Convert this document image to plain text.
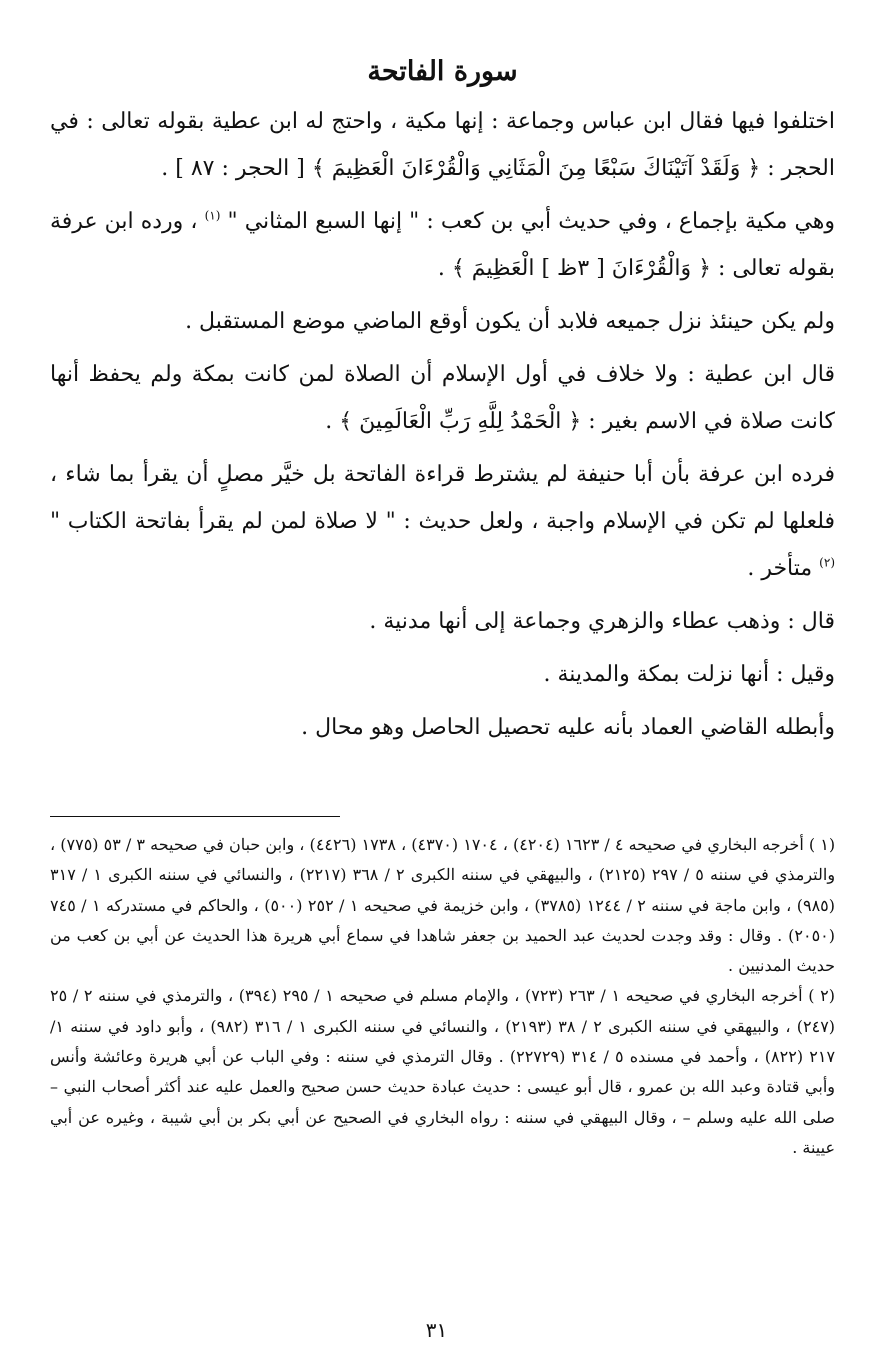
سورة الفاتحة

اختلفوا فيها فقال ابن عباس وجماعة : إنها مكية ، واحتج له ابن عطية بقوله تعالى : في الحجر : ﴿ وَلَقَدْ آتَيْنَاكَ سَبْعًا مِنَ الْمَثَانِي وَالْقُرْءَانَ الْعَظِيمَ ﴾ [ الحجر : ٨٧ ] .

وهي مكية بإجماع ، وفي حديث أبي بن كعب : " إنها السبع المثاني " $^{(١)}$ ، ورده ابن عرفة بقوله تعالى : ﴿ وَالْقُرْءَانَ [ ٣ظ ] الْعَظِيمَ ﴾ .

ولم يكن حينئذ نزل جميعه فلابد أن يكون أوقع الماضي موضع المستقبل .

قال ابن عطية : ولا خلاف في أول الإسلام أن الصلاة لمن كانت بمكة ولم يحفظ أنها كانت صلاة في الاسم بغير : ﴿ الْحَمْدُ لِلَّهِ رَبِّ الْعَالَمِينَ ﴾ .

فرده ابن عرفة بأن أبا حنيفة لم يشترط قراءة الفاتحة بل خيَّر مصلٍ أن يقرأ بما شاء ، فلعلها لم تكن في الإسلام واجبة ، ولعل حديث : " لا صلاة لمن لم يقرأ بفاتحة الكتاب " $^{(٢)}$ متأخر .

قال : وذهب عطاء والزهري وجماعة إلى أنها مدنية .

وقيل : أنها نزلت بمكة والمدينة .

وأبطله القاضي العماد بأنه عليه تحصيل الحاصل وهو محال .

(١ ) أخرجه البخاري في صحيحه ٤ / ١٦٢٣ (٤٢٠٤) ، ١٧٠٤ (٤٣٧٠) ، ١٧٣٨ (٤٤٢٦) ، وابن حبان في صحيحه ٣ / ٥٣ (٧٧٥) ، والترمذي في سننه ٥ / ٢٩٧ (٢١٢٥) ، والبيهقي في سننه الكبرى ٢ / ٣٦٨ (٢٢١٧) ، والنسائي في سننه الكبرى ١ / ٣١٧ (٩٨٥) ، وابن ماجة في سننه ٢ / ١٢٤٤ (٣٧٨٥) ، وابن خزيمة في صحيحه ١ / ٢٥٢ (٥٠٠) ، والحاكم في مستدركه ١ / ٧٤٥ (٢٠٥٠) . وقال : وقد وجدت لحديث عبد الحميد بن جعفر شاهدا في سماع أبي هريرة هذا الحديث عن أبي بن كعب من حديث المدنيين .

(٢ ) أخرجه البخاري في صحيحه ١ / ٢٦٣ (٧٢٣) ، والإمام مسلم في صحيحه ١ / ٢٩٥ (٣٩٤) ، والترمذي في سننه ٢ / ٢٥ (٢٤٧) ، والبيهقي في سننه الكبرى ٢ / ٣٨ (٢١٩٣) ، والنسائي في سننه الكبرى ١ / ٣١٦ (٩٨٢) ، وأبو داود في سننه ١/ ٢١٧ (٨٢٢) ، وأحمد في مسنده ٥ / ٣١٤ (٢٢٧٢٩) . وقال الترمذي في سننه : وفي الباب عن أبي هريرة وعائشة وأنس وأبي قتادة وعبد الله بن عمرو ، قال أبو عيسى : حديث عبادة حديث حسن صحيح والعمل عليه عند أكثر أصحاب النبي – صلى الله عليه وسلم – ، وقال البيهقي في سننه : رواه البخاري في الصحيح عن أبي بكر بن أبي شيبة ، وغيره عن أبي عيينة .

٣١
